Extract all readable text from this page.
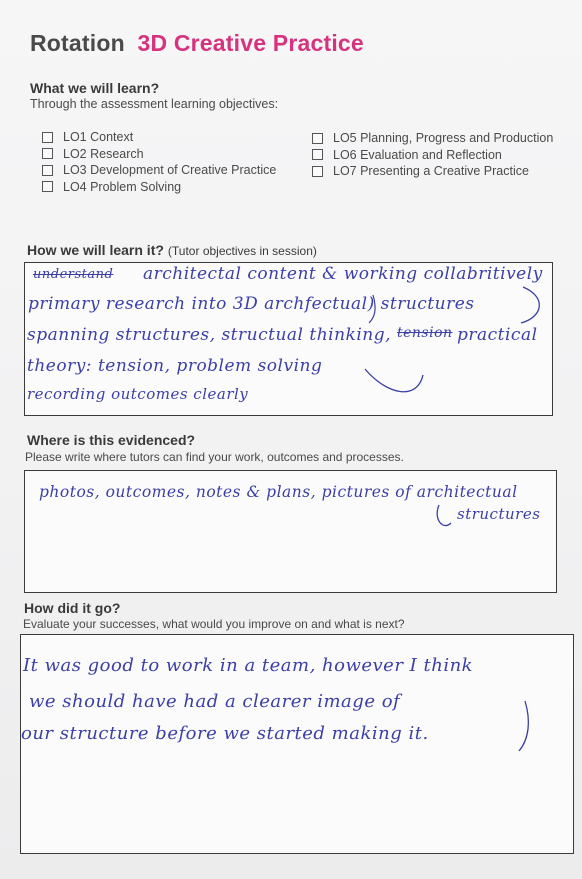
Rotation 3D Creative Practice
What we will learn?

Through the assessment learning objectives:

LO1 Context
LO2 Research
LO3 Development of Creative Practice
LO4 Problem Solving
LO5 Planning, Progress and Production
LO6 Evaluation and Reflection
LO7 Presenting a Creative Practice
How we will learn it? (Tutor objectives in session)
understand architectal content & working collabritively
primary research into 3D archfectual) structures
spanning structures, structual thinking, tension practical
theory: tension, problem solving
recording outcomes clearly
Where is this evidenced?

Please write where tutors can find your work, outcomes and processes.

photos, outcomes, notes & plans, pictures of architectual
structures
How did it go?

Evaluate your successes, what would you improve on and what is next?

It was good to work in a team, however I think
we should have had a clearer image of
our structure before we started making it.
